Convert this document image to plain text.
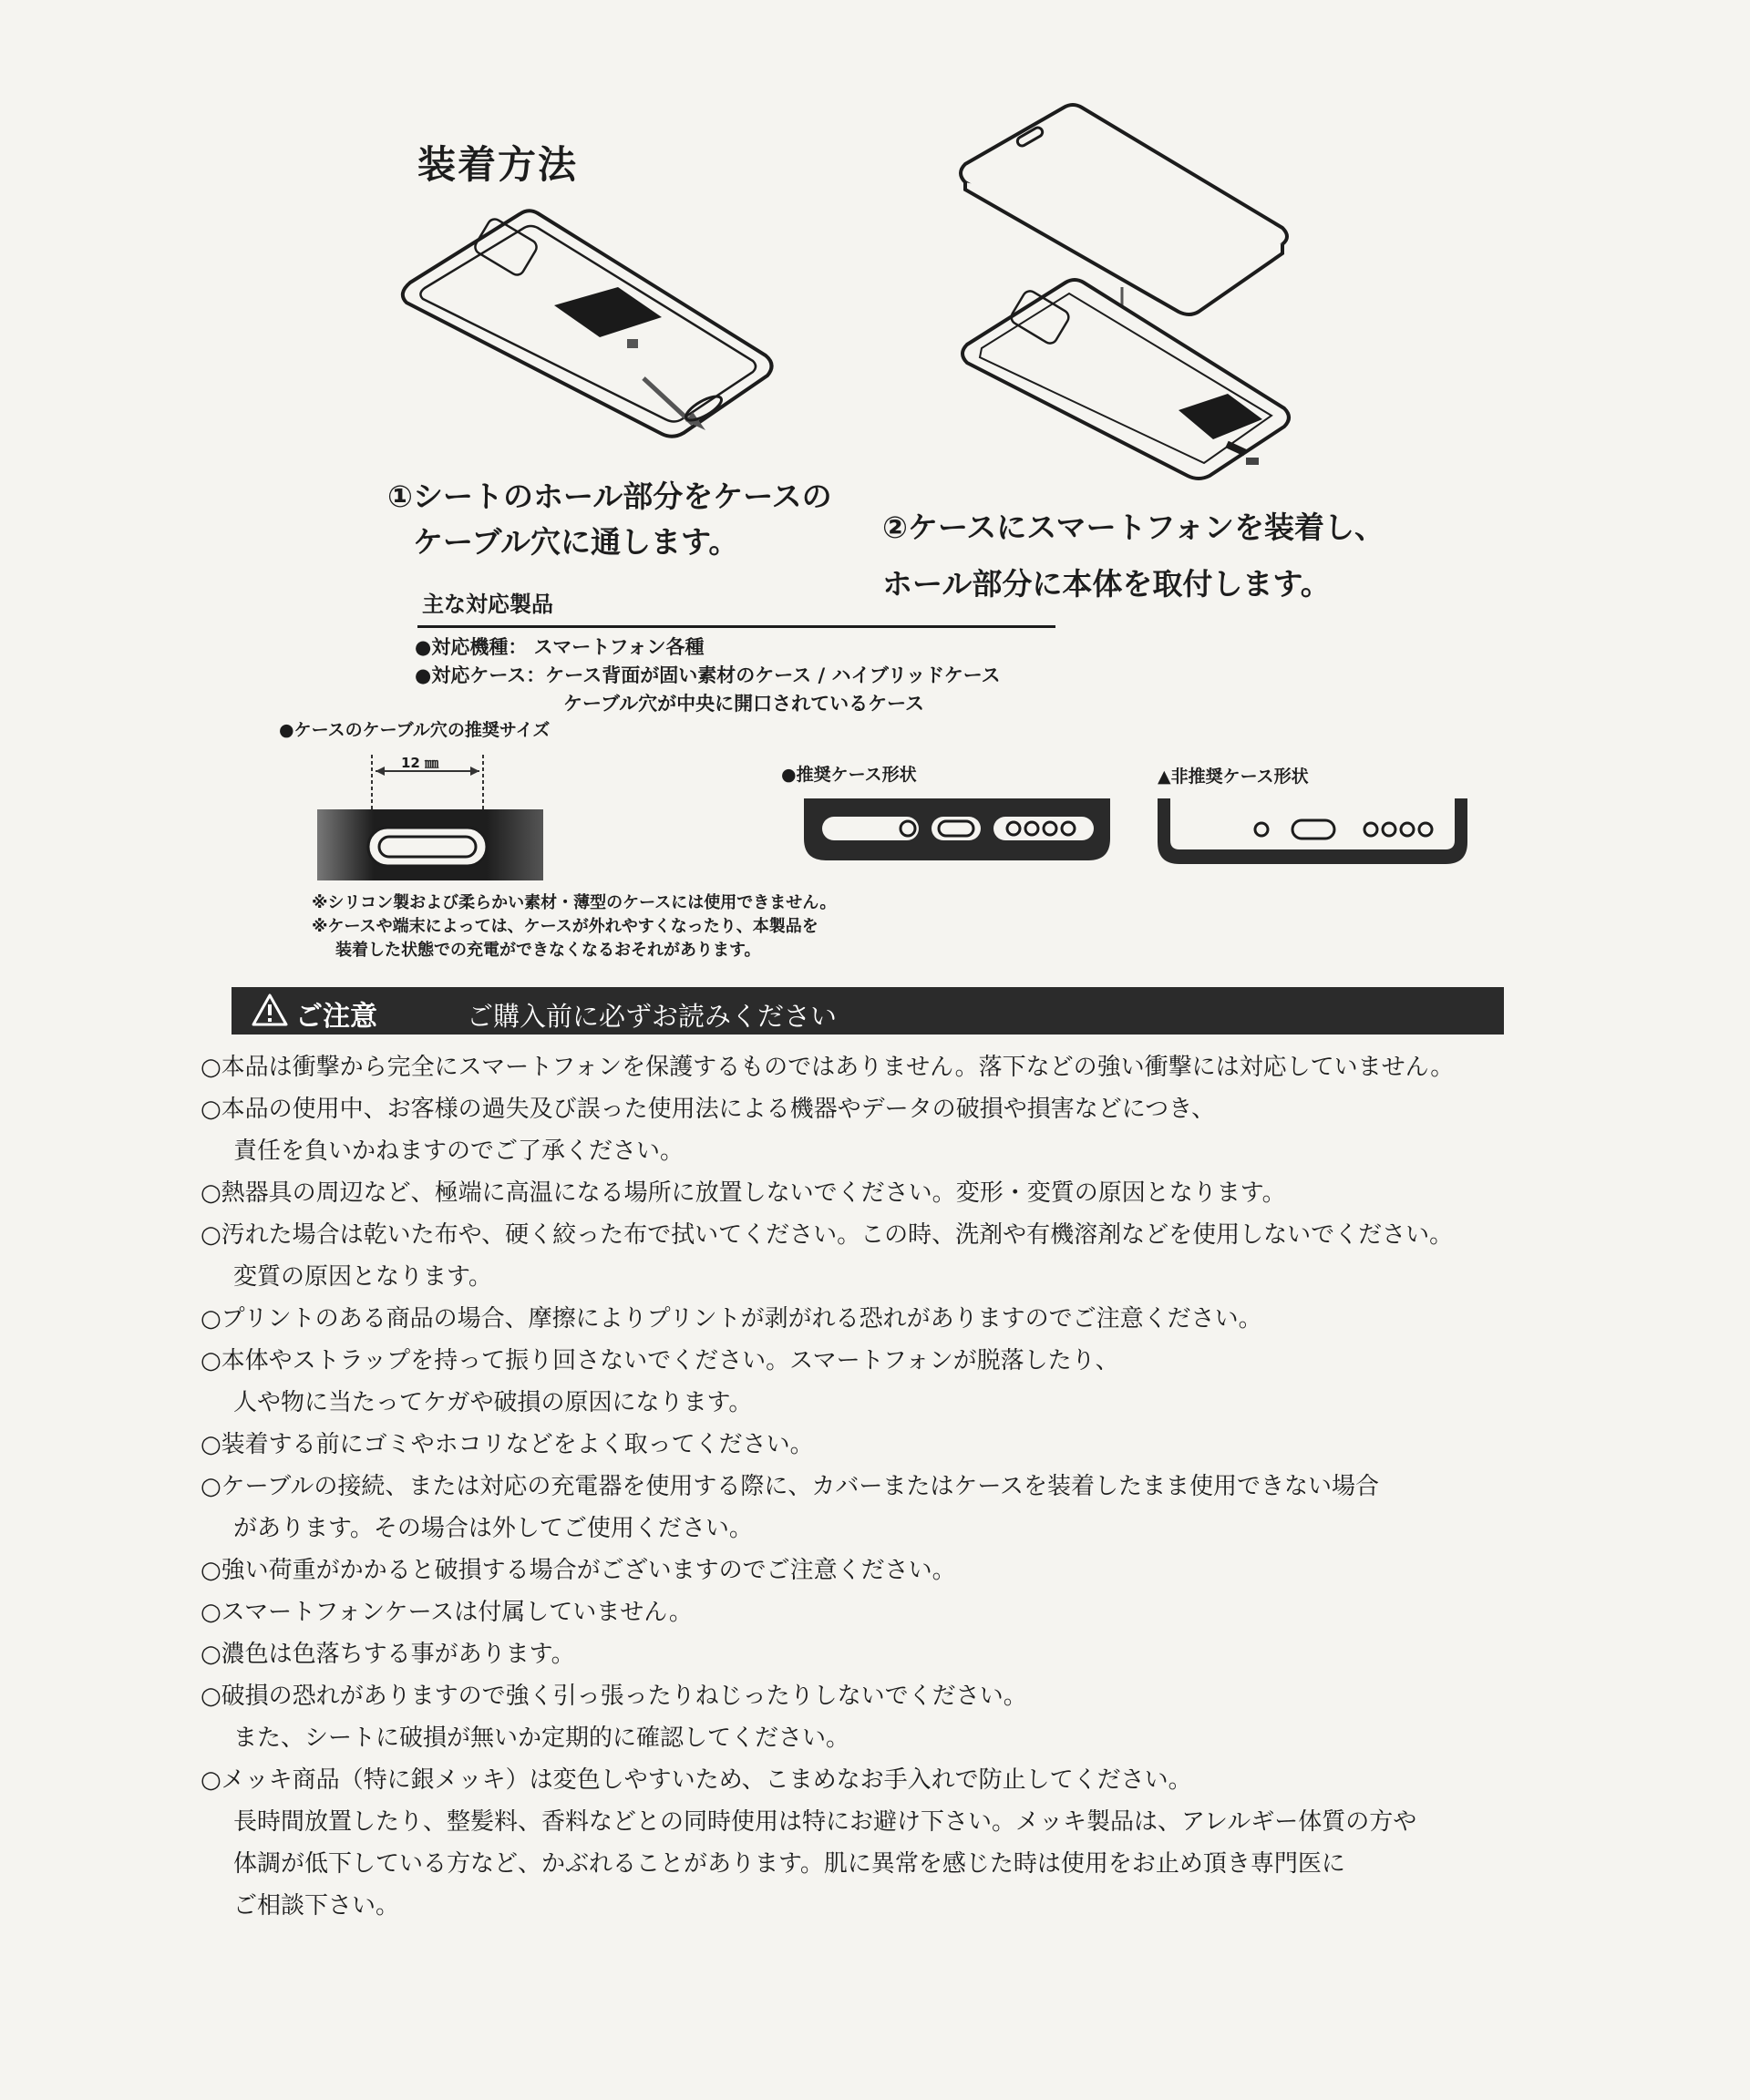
装着方法
①シートのホール部分をケースの
ケーブル穴に通します。	②ケースにスマートフォンを装着し、
ホール部分に本体を取付します。
主な対応製品
●対応機種： スマートフォン各種
●対応ケース：ケース背面が固い素材のケース / ハイブリッドケース
ケーブル穴が中央に開口されているケース
●ケースのケーブル穴の推奨サイズ
●推奨ケース形状	▲非推奨ケース形状
12 ㎜
※シリコン製および柔らかい素材・薄型のケースには使用できません。
※ケースや端末によっては、ケースが外れやすくなったり、本製品を
装着した状態での充電ができなくなるおそれがあります。
ご注意	ご購入前に必ずお読みください
○本品は衝撃から完全にスマートフォンを保護するものではありません。落下などの強い衝撃には対応していません。
○本品の使用中、お客様の過失及び誤った使用法による機器やデータの破損や損害などにつき、
責任を負いかねますのでご了承ください。
○熱器具の周辺など、極端に高温になる場所に放置しないでください。変形・変質の原因となります。
○汚れた場合は乾いた布や、硬く絞った布で拭いてください。この時、洗剤や有機溶剤などを使用しないでください。
変質の原因となります。
○プリントのある商品の場合、摩擦によりプリントが剥がれる恐れがありますのでご注意ください。
○本体やストラップを持って振り回さないでください。スマートフォンが脱落したり、
人や物に当たってケガや破損の原因になります。
○装着する前にゴミやホコリなどをよく取ってください。
○ケーブルの接続、または対応の充電器を使用する際に、カバーまたはケースを装着したまま使用できない場合
があります。その場合は外してご使用ください。
○強い荷重がかかると破損する場合がございますのでご注意ください。
○スマートフォンケースは付属していません。
○濃色は色落ちする事があります。
○破損の恐れがありますので強く引っ張ったりねじったりしないでください。
また、シートに破損が無いか定期的に確認してください。
○メッキ商品（特に銀メッキ）は変色しやすいため、こまめなお手入れで防止してください。
長時間放置したり、整髪料、香料などとの同時使用は特にお避け下さい。メッキ製品は、アレルギー体質の方や
体調が低下している方など、かぶれることがあります。肌に異常を感じた時は使用をお止め頂き専門医に
ご相談下さい。
